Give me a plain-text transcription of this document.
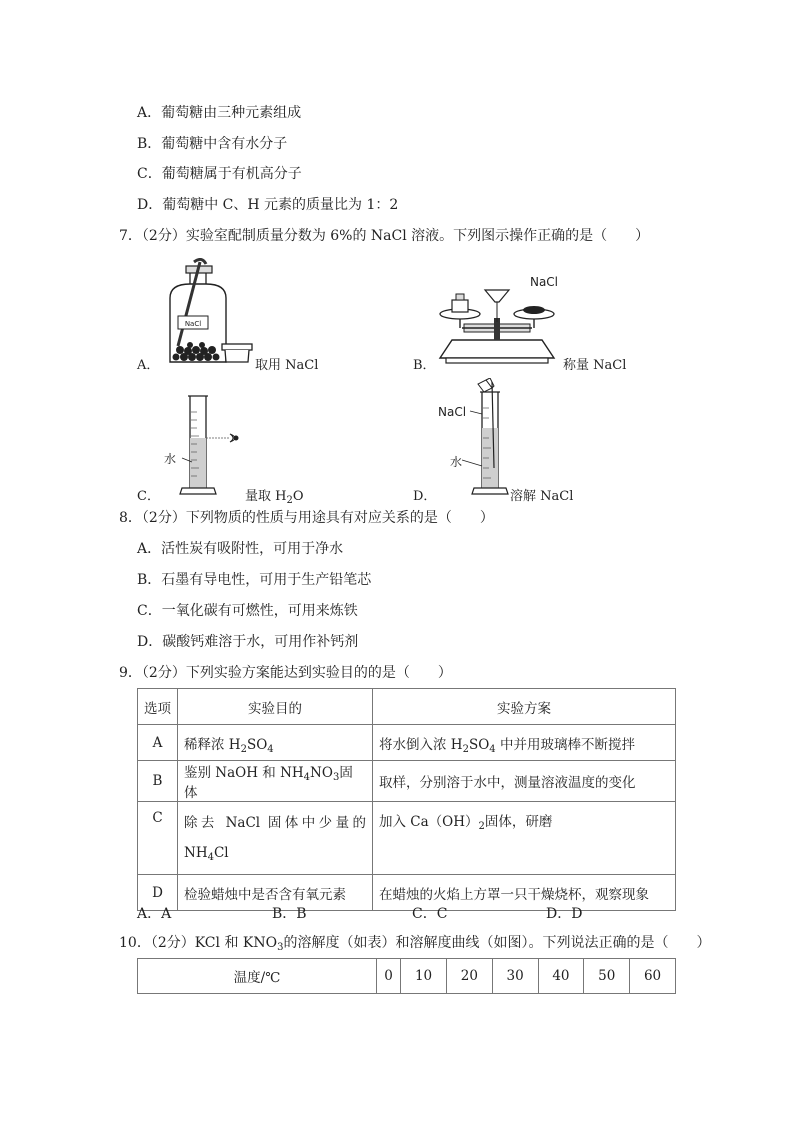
A．葡萄糖由三种元素组成
B．葡萄糖中含有水分子
C．葡萄糖属于有机高分子
D．葡萄糖中 C、H 元素的质量比为 1：2
7．（2分）实验室配制质量分数为 6%的 NaCl 溶液。下列图示操作正确的是（　　）
A．
NaCl
取用 NaCl	B．
NaCl
称量 NaCl
C．
水
量取 $H_2O$	D．
NaCl
水
溶解 NaCl
8．（2分）下列物质的性质与用途具有对应关系的是（　　）
A．活性炭有吸附性，可用于净水
B．石墨有导电性，可用于生产铅笔芯
C．一氧化碳有可燃性，可用来炼铁
D．碳酸钙难溶于水，可用作补钙剂
9．（2分）下列实验方案能达到实验目的的是（　　）
选项	实验目的	实验方案
A	稀释浓 $H_2SO_4$	将水倒入浓 $H_2SO_4$ 中并用玻璃棒不断搅拌
B	鉴别 NaOH 和 $NH_4NO_3$固体	取样，分别溶于水中，测量溶液温度的变化
C	除去 NaCl 固体中少量的 $NH_4Cl$	加入 $Ca(OH)_2$固体，研磨
D	检验蜡烛中是否含有氧元素	在蜡烛的火焰上方罩一只干燥烧杯，观察现象
A．A	B．B	C．C	D．D
10．（2分）KCl 和 $KNO_3$的溶解度（如表）和溶解度曲线（如图）。下列说法正确的是（　　）
温度/℃	0	10	20	30	40	50	60
